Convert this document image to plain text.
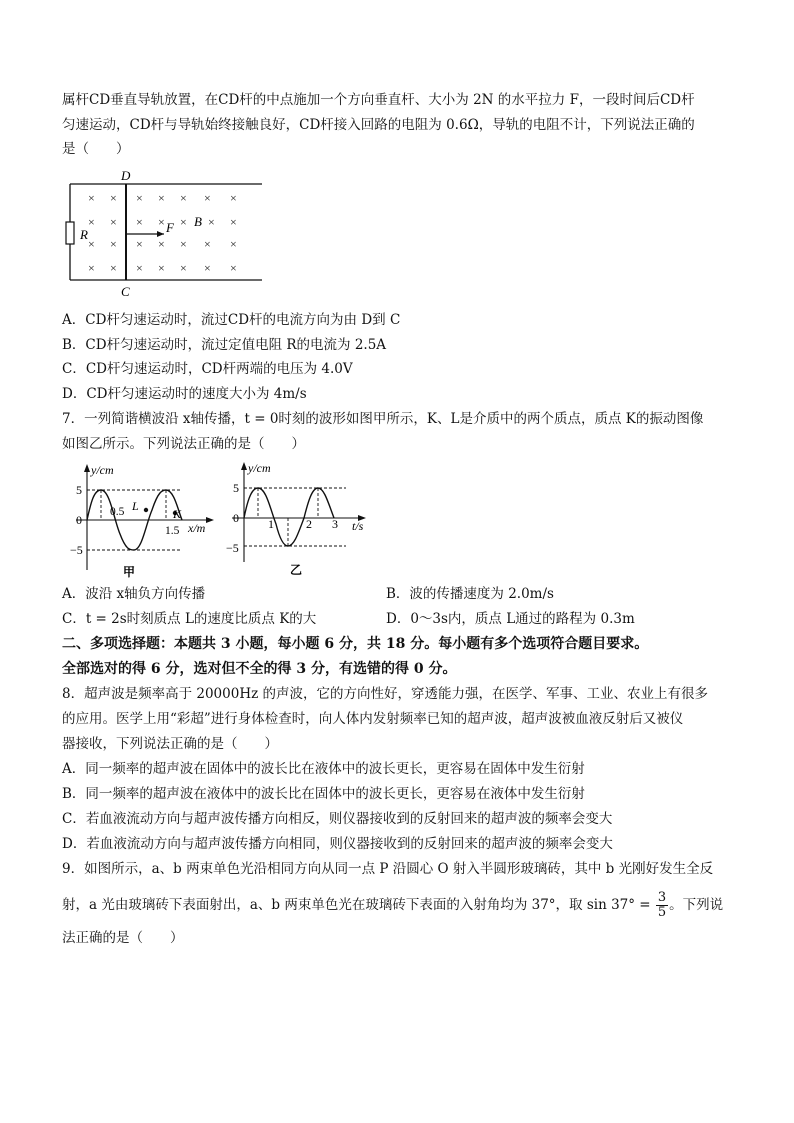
属杆CD垂直导轨放置，在CD杆的中点施加一个方向垂直杆、大小为 2N 的水平拉力 F，一段时间后CD杆
匀速运动，CD杆与导轨始终接触良好，CD杆接入回路的电阻为 0.6Ω，导轨的电阻不计，下列说法正确的
是（　　）
R
D
C
F B
× × × × × × ×
× × × × × × ×
× × × × × × ×
× × × × × × ×
A．CD杆匀速运动时，流过CD杆的电流方向为由 D到 C
B．CD杆匀速运动时，流过定值电阻 R的电流为 2.5A
C．CD杆匀速运动时，CD杆两端的电压为 4.0V
D．CD杆匀速运动时的速度大小为 4m/s
7．一列简谐横波沿 x轴传播，t = 0时刻的波形如图甲所示，K、L是介质中的两个质点，质点 K的振动图像
如图乙所示。下列说法正确的是（　　）
y/cm
x/m
5
−5
0
L
K
0.5
1.5
甲
y/cm
t/s
5
−5
0 1	2 3
乙
A．波沿 x轴负方向传播	B．波的传播速度为 2.0m/s
C．t = 2s时刻质点 L的速度比质点 K的大	D．0～3s内，质点 L通过的路程为 0.3m
二、多项选择题：本题共 3 小题，每小题 6 分，共 18 分。每小题有多个选项符合题目要求。
全部选对的得 6 分，选对但不全的得 3 分，有选错的得 0 分。
8．超声波是频率高于 20000Hz 的声波，它的方向性好，穿透能力强，在医学、军事、工业、农业上有很多
的应用。医学上用“彩超”进行身体检查时，向人体内发射频率已知的超声波，超声波被血液反射后又被仪
器接收，下列说法正确的是（　　）
A．同一频率的超声波在固体中的波长比在液体中的波长更长，更容易在固体中发生衍射
B．同一频率的超声波在液体中的波长比在固体中的波长更长，更容易在液体中发生衍射
C．若血液流动方向与超声波传播方向相反，则仪器接收到的反射回来的超声波的频率会变大
D．若血液流动方向与超声波传播方向相同，则仪器接收到的反射回来的超声波的频率会变大
9．如图所示，a、b 两束单色光沿相同方向从同一点 P 沿圆心 O 射入半圆形玻璃砖，其中 b 光刚好发生全反
射，a 光由玻璃砖下表面射出，a、b 两束单色光在玻璃砖下表面的入射角均为 37°，取 $\sin 37^\circ = \frac{3}{5}$ 。下列说
法正确的是（　　）
